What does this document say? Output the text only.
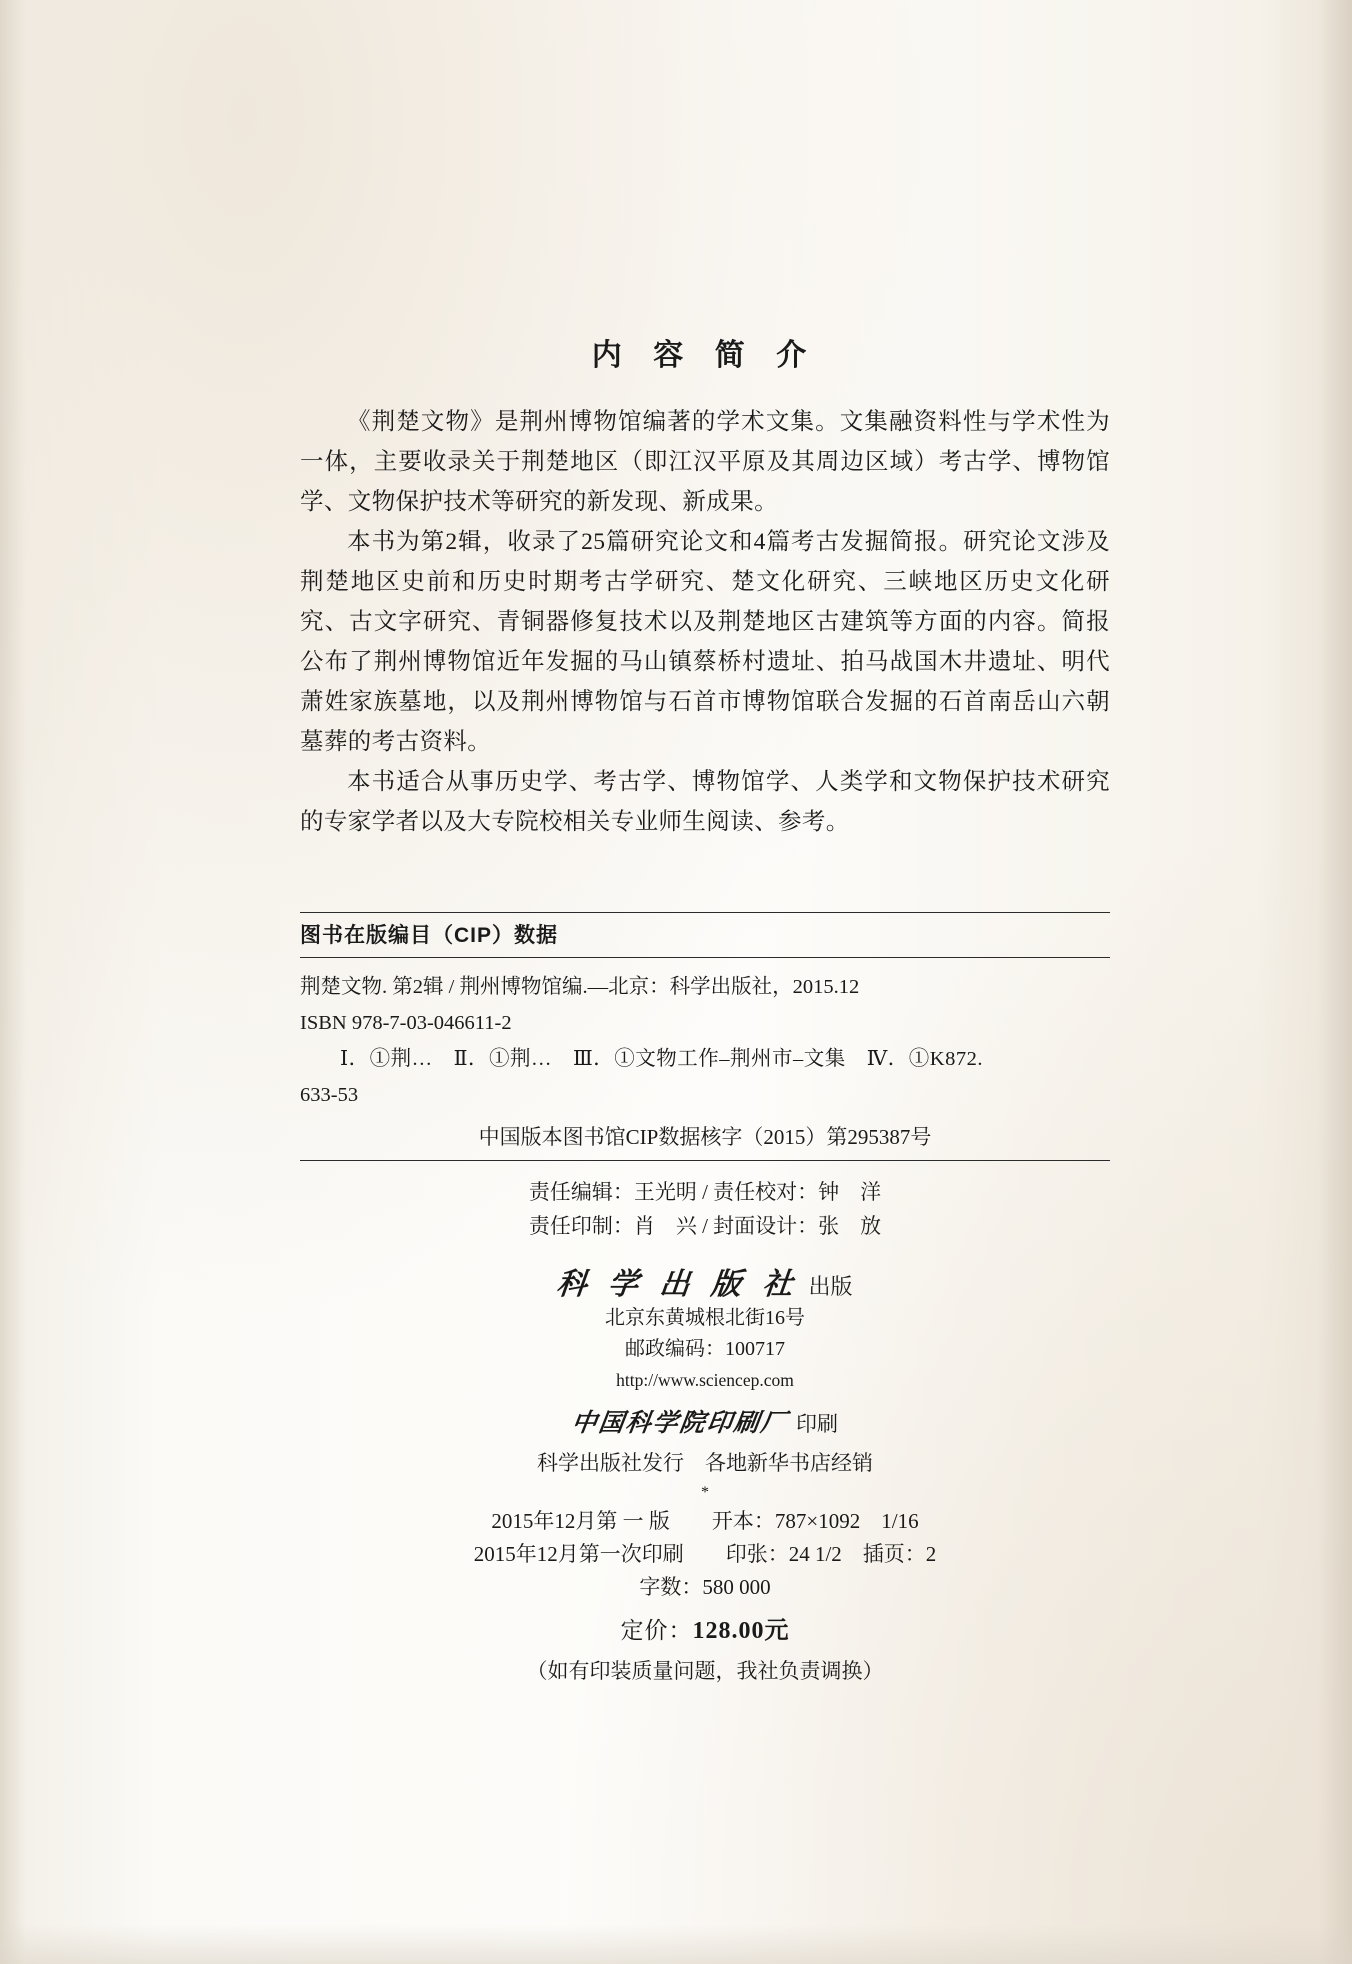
内 容 简 介

《荆楚文物》是荆州博物馆编著的学术文集。文集融资料性与学术性为一体，主要收录关于荆楚地区（即江汉平原及其周边区域）考古学、博物馆学、文物保护技术等研究的新发现、新成果。

本书为第2辑，收录了25篇研究论文和4篇考古发掘简报。研究论文涉及荆楚地区史前和历史时期考古学研究、楚文化研究、三峡地区历史文化研究、古文字研究、青铜器修复技术以及荆楚地区古建筑等方面的内容。简报公布了荆州博物馆近年发掘的马山镇蔡桥村遗址、拍马战国木井遗址、明代萧姓家族墓地，以及荆州博物馆与石首市博物馆联合发掘的石首南岳山六朝墓葬的考古资料。

本书适合从事历史学、考古学、博物馆学、人类学和文物保护技术研究的专家学者以及大专院校相关专业师生阅读、参考。

图书在版编目（CIP）数据
荆楚文物. 第2辑 / 荆州博物馆编.—北京：科学出版社，2015.12
ISBN 978-7-03-046611-2
Ⅰ．①荆…　Ⅱ．①荆…　Ⅲ．①文物工作–荆州市–文集　Ⅳ．①K872.
633-53
中国版本图书馆CIP数据核字（2015）第295387号
责任编辑：王光明 / 责任校对：钟　洋
责任印制：肖　兴 / 封面设计：张　放
科 学 出 版 社 出版
北京东黄城根北街16号
邮政编码：100717
http://www.sciencep.com
中国科学院印刷厂 印刷
科学出版社发行　各地新华书店经销
*
2015年12月第 一 版　　开本：787×1092　1/16
2015年12月第一次印刷　　印张：24 1/2　插页：2
字数：580 000
定价：128.00元
（如有印装质量问题，我社负责调换）
